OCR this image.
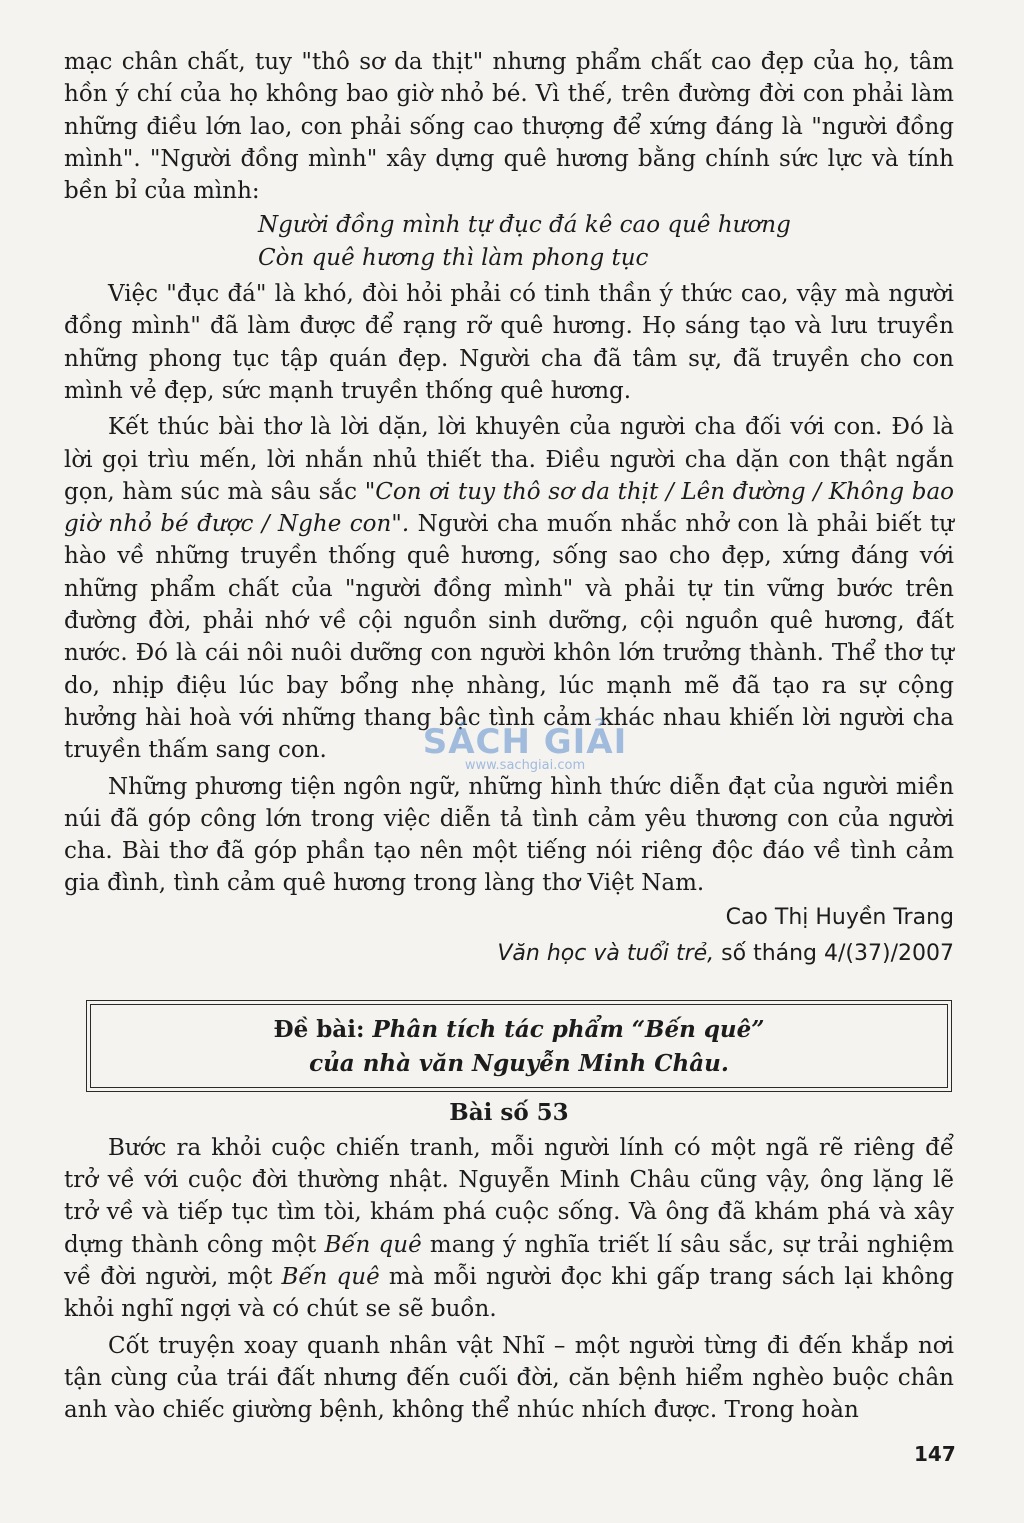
mạc chân chất, tuy "thô sơ da thịt" nhưng phẩm chất cao đẹp của họ, tâm hồn ý chí của họ không bao giờ nhỏ bé. Vì thế, trên đường đời con phải làm những điều lớn lao, con phải sống cao thượng để xứng đáng là "người đồng mình". "Người đồng mình" xây dựng quê hương bằng chính sức lực và tính bền bỉ của mình:

Người đồng mình tự đục đá kê cao quê hương
Còn quê hương thì làm phong tục

Việc "đục đá" là khó, đòi hỏi phải có tinh thần ý thức cao, vậy mà người đồng mình" đã làm được để rạng rỡ quê hương. Họ sáng tạo và lưu truyền những phong tục tập quán đẹp. Người cha đã tâm sự, đã truyền cho con mình vẻ đẹp, sức mạnh truyền thống quê hương.

Kết thúc bài thơ là lời dặn, lời khuyên của người cha đối với con. Đó là lời gọi trìu mến, lời nhắn nhủ thiết tha. Điều người cha dặn con thật ngắn gọn, hàm súc mà sâu sắc "Con ơi tuy thô sơ da thịt / Lên đường / Không bao giờ nhỏ bé được / Nghe con". Người cha muốn nhắc nhở con là phải biết tự hào về những truyền thống quê hương, sống sao cho đẹp, xứng đáng với những phẩm chất của "người đồng mình" và phải tự tin vững bước trên đường đời, phải nhớ về cội nguồn sinh dưỡng, cội nguồn quê hương, đất nước. Đó là cái nôi nuôi dưỡng con người khôn lớn trưởng thành. Thể thơ tự do, nhịp điệu lúc bay bổng nhẹ nhàng, lúc mạnh mẽ đã tạo ra sự cộng hưởng hài hoà với những thang bậc tình cảm khác nhau khiến lời người cha truyền thấm sang con.

Những phương tiện ngôn ngữ, những hình thức diễn đạt của người miền núi đã góp công lớn trong việc diễn tả tình cảm yêu thương con của người cha. Bài thơ đã góp phần tạo nên một tiếng nói riêng độc đáo về tình cảm gia đình, tình cảm quê hương trong làng thơ Việt Nam.

Cao Thị Huyền Trang
Văn học và tuổi trẻ, số tháng 4/(37)/2007
Đề bài: Phân tích tác phẩm “Bến quê”
của nhà văn Nguyễn Minh Châu.
Bài số 53

Bước ra khỏi cuộc chiến tranh, mỗi người lính có một ngã rẽ riêng để trở về với cuộc đời thường nhật. Nguyễn Minh Châu cũng vậy, ông lặng lẽ trở về và tiếp tục tìm tòi, khám phá cuộc sống. Và ông đã khám phá và xây dựng thành công một Bến quê mang ý nghĩa triết lí sâu sắc, sự trải nghiệm về đời người, một Bến quê mà mỗi người đọc khi gấp trang sách lại không khỏi nghĩ ngợi và có chút se sẽ buồn.

Cốt truyện xoay quanh nhân vật Nhĩ – một người từng đi đến khắp nơi tận cùng của trái đất nhưng đến cuối đời, căn bệnh hiểm nghèo buộc chân anh vào chiếc giường bệnh, không thể nhúc nhích được. Trong hoàn

SÁCH GIẢI
www.sachgiai.com
147
